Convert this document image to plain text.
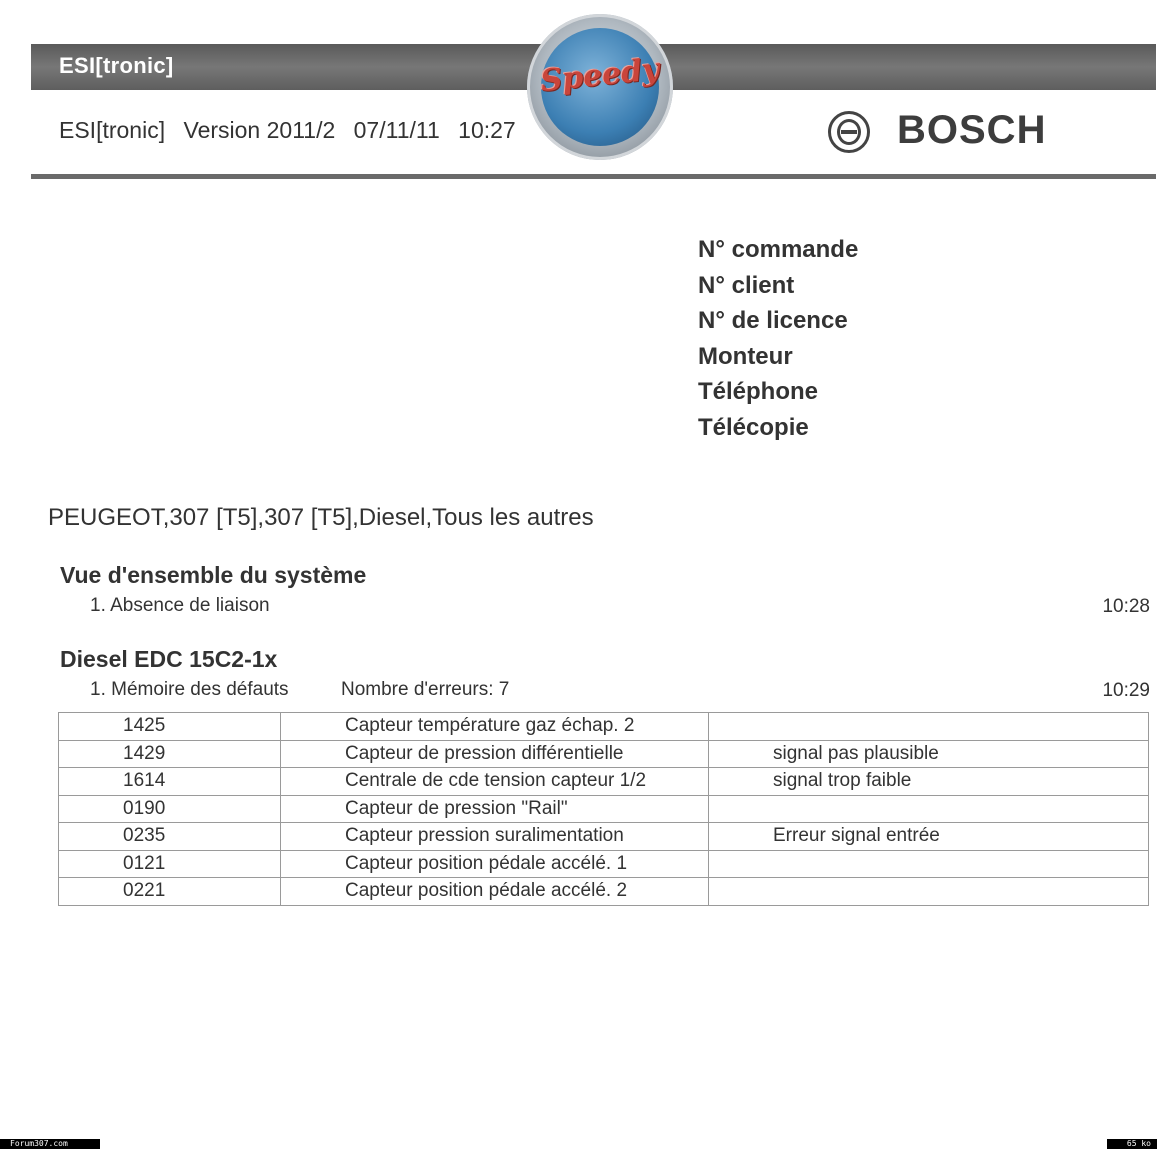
ESI[tronic]
ESI[tronic] Version 2011/2 07/11/11 10:27
Speedy
BOSCH
N° commande
N° client
N° de licence
Monteur
Téléphone
Télécopie
PEUGEOT,307 [T5],307 [T5],Diesel,Tous les autres
Vue d'ensemble du système
1. Absence de liaison	10:28
Diesel EDC 15C2-1x
1. Mémoire des défauts	Nombre d'erreurs: 7	10:29
1425	Capteur température gaz échap. 2	
1429	Capteur de pression différentielle	signal pas plausible
1614	Centrale de cde tension capteur 1/2	signal trop faible
0190	Capteur de pression "Rail"	
0235	Capteur pression suralimentation	Erreur signal entrée
0121	Capteur position pédale accélé. 1	
0221	Capteur position pédale accélé. 2	
Forum307.com	65 ko
